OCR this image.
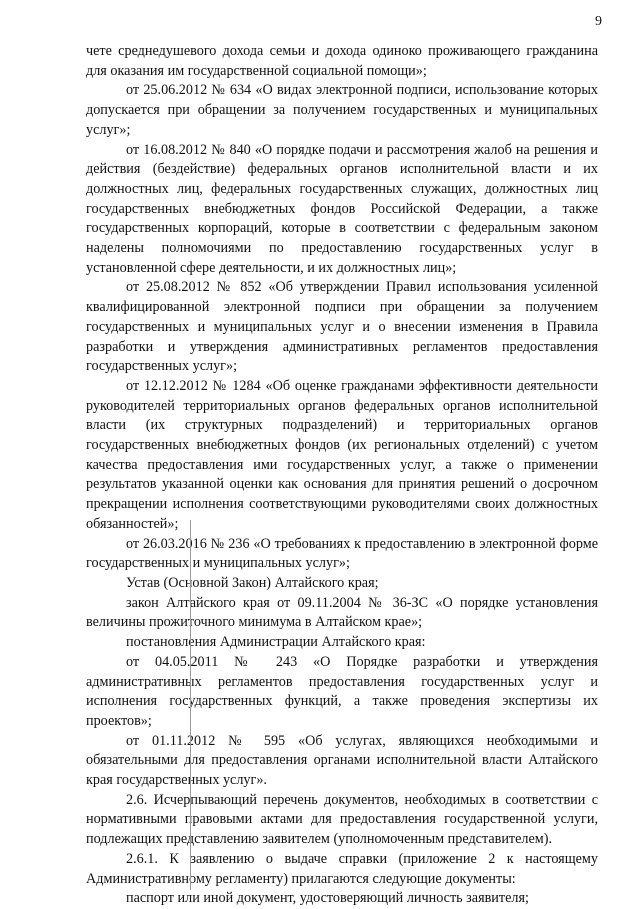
9

чете среднедушевого дохода семьи и дохода одиноко проживающего гражданина для оказания им государственной социальной помощи»;

от 25.06.2012 № 634 «О видах электронной подписи, использование которых допускается при обращении за получением государственных и муниципальных услуг»;

от 16.08.2012 № 840 «О порядке подачи и рассмотрения жалоб на решения и действия (бездействие) федеральных органов исполнительной власти и их должностных лиц, федеральных государственных служащих, должностных лиц государственных внебюджетных фондов Российской Федерации, а также государственных корпораций, которые в соответствии с федеральным законом наделены полномочиями по предоставлению государственных услуг в установленной сфере деятельности, и их должностных лиц»;

от 25.08.2012 № 852 «Об утверждении Правил использования усиленной квалифицированной электронной подписи при обращении за получением государственных и муниципальных услуг и о внесении изменения в Правила разработки и утверждения административных регламентов предоставления государственных услуг»;

от 12.12.2012 № 1284 «Об оценке гражданами эффективности деятельности руководителей территориальных органов федеральных органов исполнительной власти (их структурных подразделений) и территориальных органов государственных внебюджетных фондов (их региональных отделений) с учетом качества предоставления ими государственных услуг, а также о применении результатов указанной оценки как основания для принятия решений о досрочном прекращении исполнения соответствующими руководителями своих должностных обязанностей»;

от 26.03.2016 № 236 «О требованиях к предоставлению в электронной форме государственных и муниципальных услуг»;

Устав (Основной Закон) Алтайского края;

закон Алтайского края от 09.11.2004 № 36-ЗС «О порядке установления величины прожиточного минимума в Алтайском крае»;

постановления Администрации Алтайского края:

от 04.05.2011 № 243 «О Порядке разработки и утверждения административных регламентов предоставления государственных услуг и исполнения государственных функций, а также проведения экспертизы их проектов»;

от 01.11.2012 № 595 «Об услугах, являющихся необходимыми и обязательными для предоставления органами исполнительной власти Алтайского края государственных услуг».

2.6. Исчерпывающий перечень документов, необходимых в соответствии с нормативными правовыми актами для предоставления государственной услуги, подлежащих представлению заявителем (уполномоченным представителем).

2.6.1. К заявлению о выдаче справки (приложение 2 к настоящему Административному регламенту) прилагаются следующие документы:

паспорт или иной документ, удостоверяющий личность заявителя;
